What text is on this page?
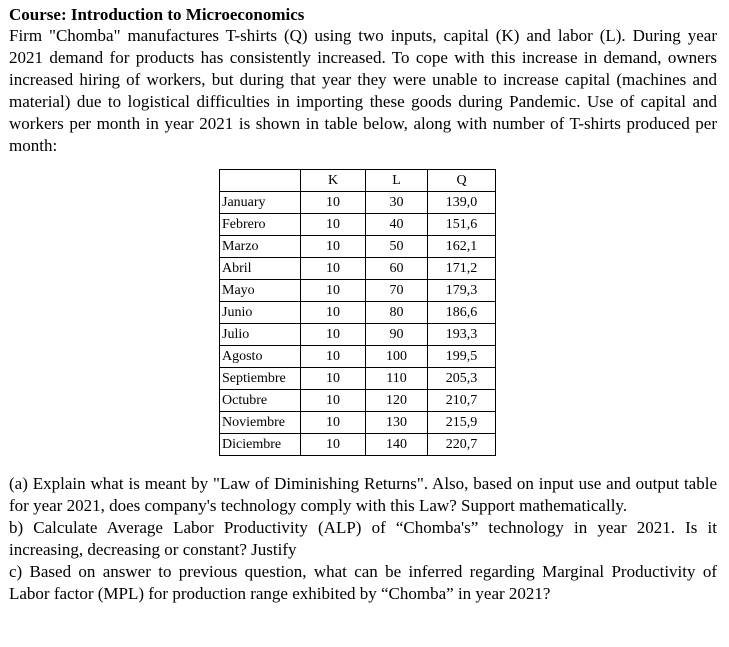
Course: Introduction to Microeconomics

Firm "Chomba" manufactures T-shirts (Q) using two inputs, capital (K) and labor (L). During year 2021 demand for products has consistently increased. To cope with this increase in demand, owners increased hiring of workers, but during that year they were unable to increase capital (machines and material) due to logistical difficulties in importing these goods during Pandemic. Use of capital and workers per month in year 2021 is shown in table below, along with number of T-shirts produced per month:

	K	L	Q
January	10	30	139,0
Febrero	10	40	151,6
Marzo	10	50	162,1
Abril	10	60	171,2
Mayo	10	70	179,3
Junio	10	80	186,6
Julio	10	90	193,3
Agosto	10	100	199,5
Septiembre	10	110	205,3
Octubre	10	120	210,7
Noviembre	10	130	215,9
Diciembre	10	140	220,7

(a) Explain what is meant by "Law of Diminishing Returns". Also, based on input use and output table for year 2021, does company's technology comply with this Law? Support mathematically.

b) Calculate Average Labor Productivity (ALP) of “Chomba's” technology in year 2021. Is it increasing, decreasing or constant? Justify

c) Based on answer to previous question, what can be inferred regarding Marginal Productivity of Labor factor (MPL) for production range exhibited by “Chomba” in year 2021?
